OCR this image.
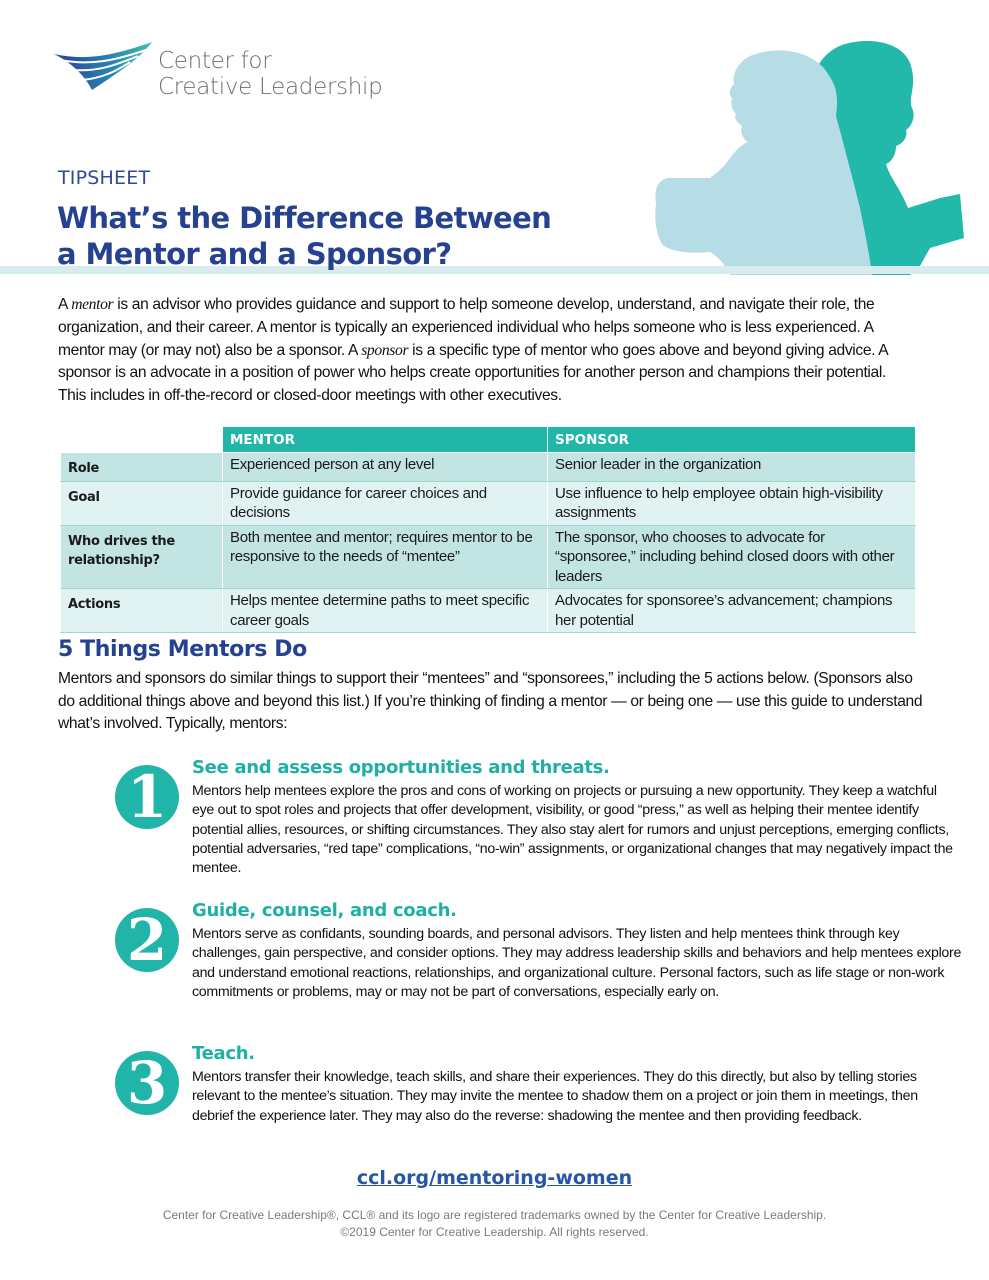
Center for
Creative Leadership
TIPSHEET
What’s the Difference Between
a Mentor and a Sponsor?

A mentor is an advisor who provides guidance and support to help someone develop, understand, and navigate their role, the organization, and their career. A mentor is typically an experienced individual who helps someone who is less experienced. A mentor may (or may not) also be a sponsor. A sponsor is a specific type of mentor who goes above and beyond giving advice. A sponsor is an advocate in a position of power who helps create opportunities for another person and champions their potential. This includes in off-the-record or closed-door meetings with other executives.

	MENTOR	SPONSOR
Role	Experienced person at any level	Senior leader in the organization
Goal	Provide guidance for career choices and decisions	Use influence to help employee obtain high-visibility assignments
Who drives the relationship?	Both mentee and mentor; requires mentor to be responsive to the needs of “mentee”	The sponsor, who chooses to advocate for “sponsoree,” including behind closed doors with other leaders
Actions	Helps mentee determine paths to meet specific career goals	Advocates for sponsoree’s advancement; champions her potential
5 Things Mentors Do

Mentors and sponsors do similar things to support their “mentees” and “sponsorees,” including the 5 actions below. (Sponsors also do additional things above and beyond this list.) If you’re thinking of finding a mentor — or being one — use this guide to understand what’s involved. Typically, mentors:

1	See and assess opportunities and threats.

Mentors help mentees explore the pros and cons of working on projects or pursuing a new opportunity. They keep a watchful eye out to spot roles and projects that offer development, visibility, or good “press,” as well as helping their mentee identify potential allies, resources, or shifting circumstances. They also stay alert for rumors and unjust perceptions, emerging conflicts, potential adversaries, “red tape” complications, “no-win” assignments, or organizational changes that may negatively impact the mentee.

2	Guide, counsel, and coach.

Mentors serve as confidants, sounding boards, and personal advisors. They listen and help mentees think through key challenges, gain perspective, and consider options. They may address leadership skills and behaviors and help mentees explore and understand emotional reactions, relationships, and organizational culture. Personal factors, such as life stage or non-work commitments or problems, may or may not be part of conversations, especially early on.

3	Teach.

Mentors transfer their knowledge, teach skills, and share their experiences. They do this directly, but also by telling stories relevant to the mentee’s situation. They may invite the mentee to shadow them on a project or join them in meetings, then debrief the experience later. They may also do the reverse: shadowing the mentee and then providing feedback.

ccl.org/mentoring-women
Center for Creative Leadership®, CCL® and its logo are registered trademarks owned by the Center for Creative Leadership.
©2019 Center for Creative Leadership. All rights reserved.
